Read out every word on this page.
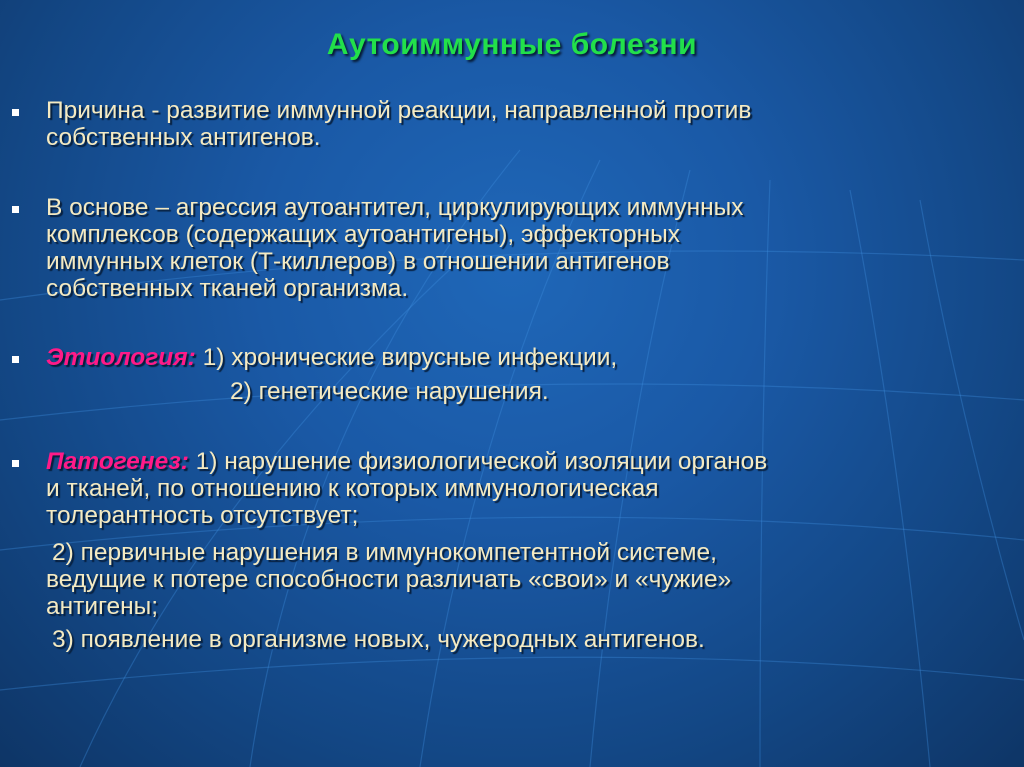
Аутоиммунные болезни
Причина - развитие иммунной реакции, направленной против
собственных антигенов.
В основе – агрессия аутоантител, циркулирующих иммунных
комплексов (содержащих аутоантигены), эффекторных
иммунных клеток (Т-киллеров) в отношении антигенов
собственных тканей организма.
Этиология: 1) хронические вирусные инфекции,
2) генетические нарушения.
Патогенез: 1) нарушение физиологической изоляции органов
и тканей, по отношению к которых иммунологическая
толерантность отсутствует;
2) первичные нарушения в иммунокомпетентной системе,
ведущие к потере способности различать «свои» и «чужие»
антигены;
3) появление в организме новых, чужеродных антигенов.
